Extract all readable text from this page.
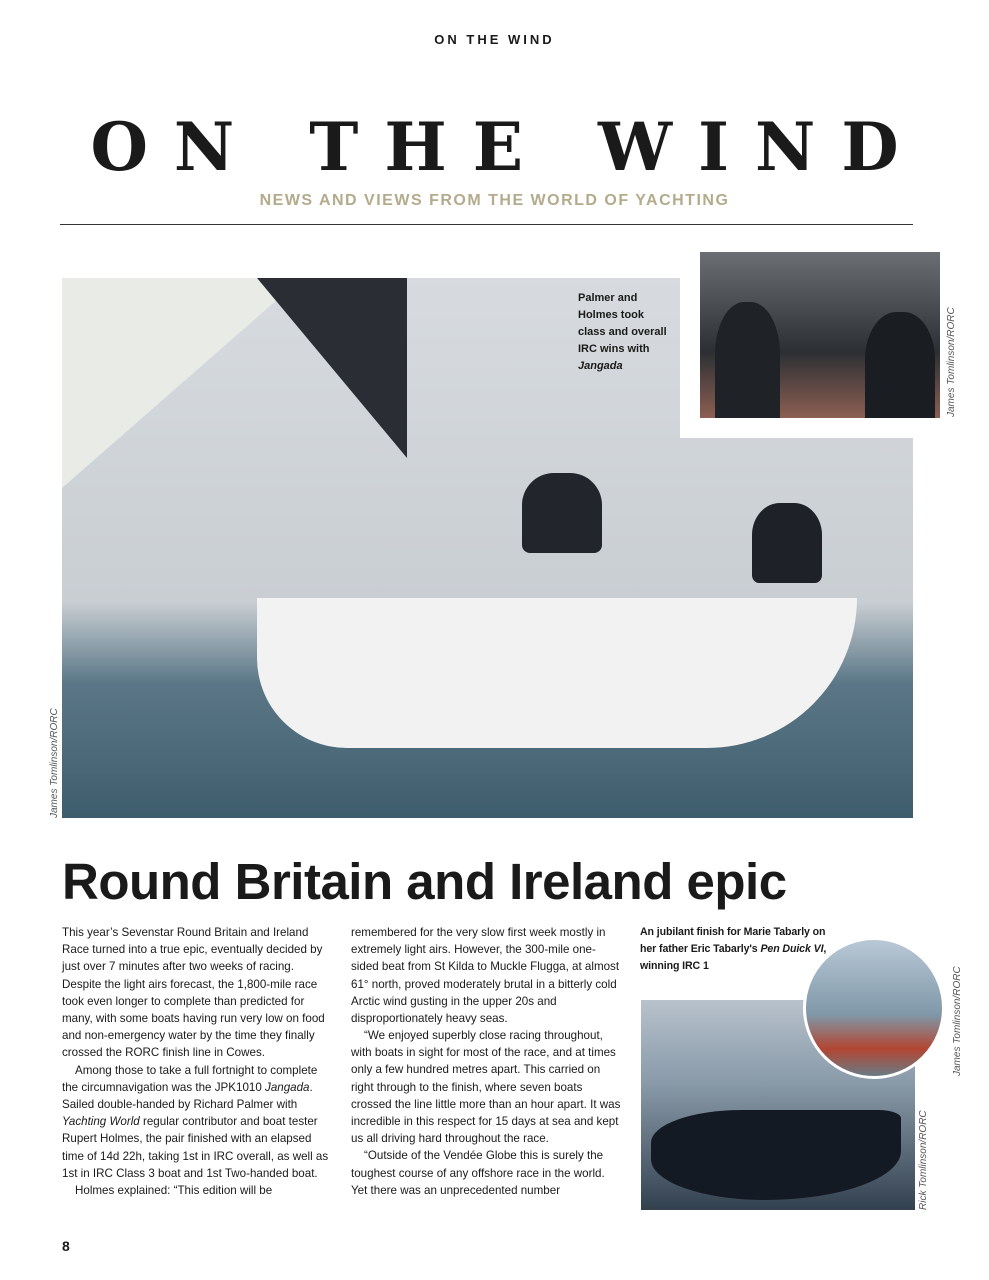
ON THE WIND
ON THE WIND
NEWS AND VIEWS FROM THE WORLD OF YACHTING
Palmer and
Holmes took
class and overall
IRC wins with
Jangada	James Tomlinson/RORC
James Tomlinson/RORC
Round Britain and Ireland epic

This year’s Sevenstar Round Britain and Ireland Race turned into a true epic, eventually decided by just over 7 minutes after two weeks of racing. Despite the light airs forecast, the 1,800-mile race took even longer to complete than predicted for many, with some boats having run very low on food and non-emergency water by the time they finally crossed the RORC finish line in Cowes.

Among those to take a full fortnight to complete the circumnavigation was the JPK1010 Jangada. Sailed double-handed by Richard Palmer with Yachting World regular contributor and boat tester Rupert Holmes, the pair finished with an elapsed time of 14d 22h, taking 1st in IRC overall, as well as 1st in IRC Class 3 boat and 1st Two-handed boat.

Holmes explained: “This edition will be

remembered for the very slow first week mostly in extremely light airs. However, the 300-mile one-sided beat from St Kilda to Muckle Flugga, at almost 61° north, proved moderately brutal in a bitterly cold Arctic wind gusting in the upper 20s and disproportionately heavy seas.

“We enjoyed superbly close racing throughout, with boats in sight for most of the race, and at times only a few hundred metres apart. This carried on right through to the finish, where seven boats crossed the line little more than an hour apart. It was incredible in this respect for 15 days at sea and kept us all driving hard throughout the race.

“Outside of the Vendée Globe this is surely the toughest course of any offshore race in the world. Yet there was an unprecedented number

An jubilant finish for Marie Tabarly on her father Eric Tabarly's Pen Duick VI, winning IRC 1
James Tomlinson/RORC
Rick Tomlinson/RORC
8
